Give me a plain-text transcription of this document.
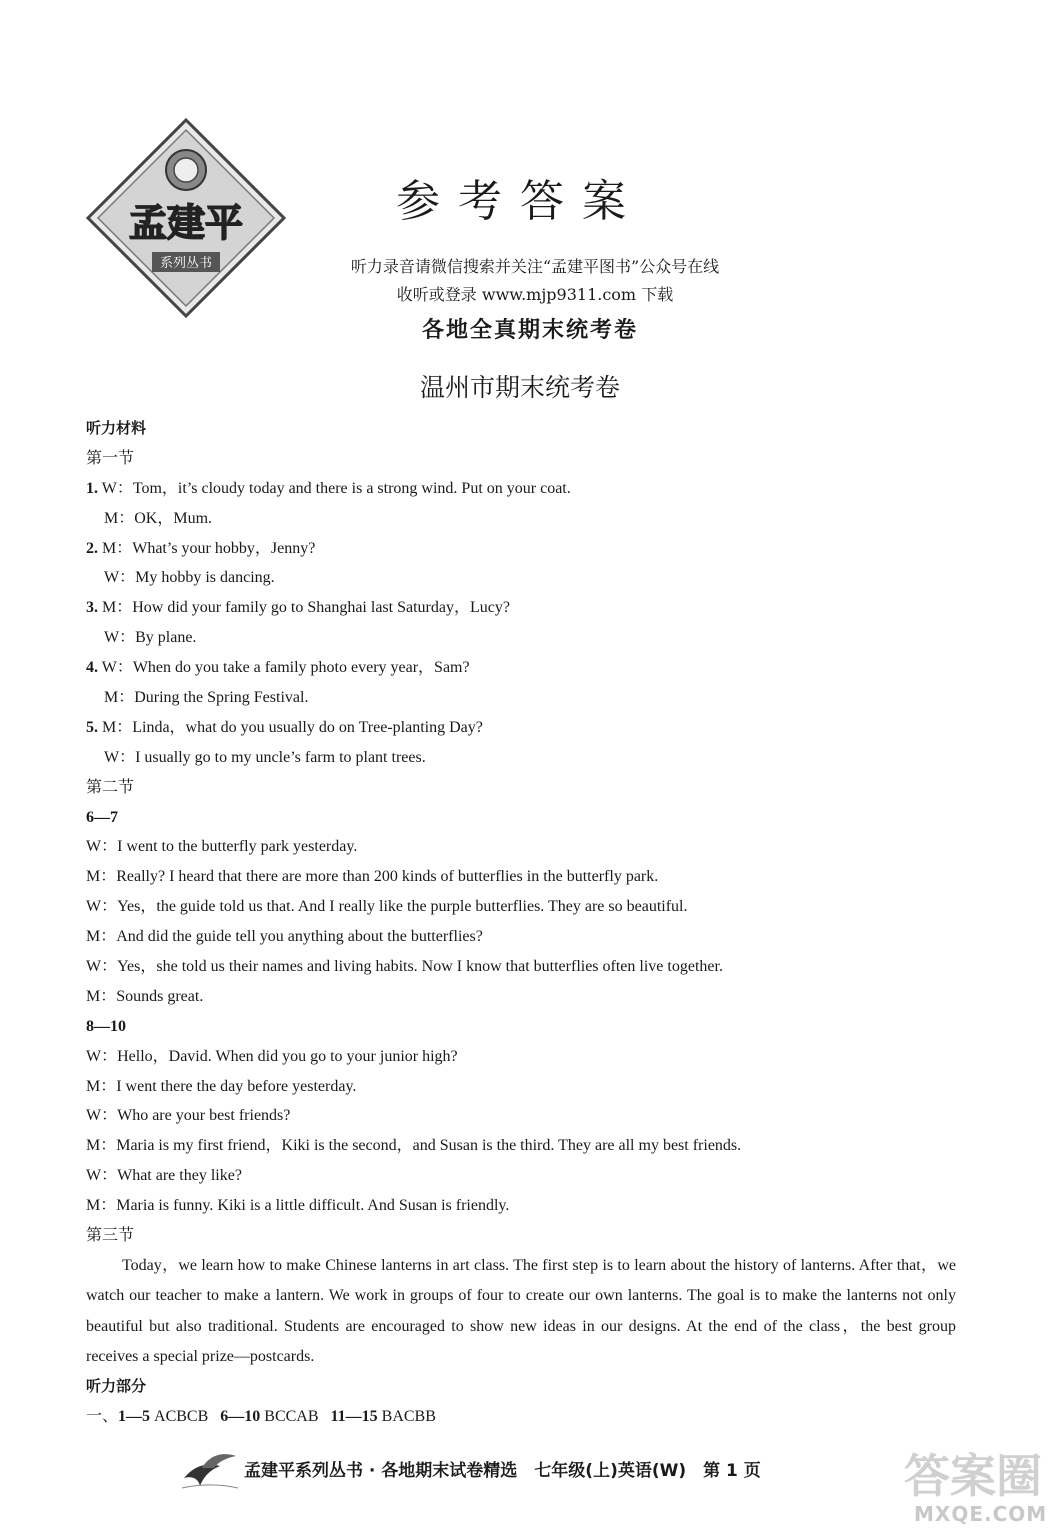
孟建平
系列丛书
参考答案
听力录音请微信搜索并关注“孟建平图书”公众号在线
收听或登录 www.mjp9311.com 下载
各地全真期末统考卷
温州市期末统考卷
听力材料
第一节
1. W：Tom，it’s cloudy today and there is a strong wind. Put on your coat.
M：OK，Mum.
2. M：What’s your hobby，Jenny?
W：My hobby is dancing.
3. M：How did your family go to Shanghai last Saturday，Lucy?
W：By plane.
4. W：When do you take a family photo every year，Sam?
M：During the Spring Festival.
5. M：Linda，what do you usually do on Tree-planting Day?
W：I usually go to my uncle’s farm to plant trees.
第二节
6—7
W：I went to the butterfly park yesterday.
M：Really? I heard that there are more than 200 kinds of butterflies in the butterfly park.
W：Yes，the guide told us that. And I really like the purple butterflies. They are so beautiful.
M：And did the guide tell you anything about the butterflies?
W：Yes，she told us their names and living habits. Now I know that butterflies often live together.
M：Sounds great.
8—10
W：Hello，David. When did you go to your junior high?
M：I went there the day before yesterday.
W：Who are your best friends?
M：Maria is my first friend，Kiki is the second，and Susan is the third. They are all my best friends.
W：What are they like?
M：Maria is funny. Kiki is a little difficult. And Susan is friendly.
第三节
Today，we learn how to make Chinese lanterns in art class. The first step is to learn about the history of lanterns. After that，we watch our teacher to make a lantern. We work in groups of four to create our own lanterns. The goal is to make the lanterns not only beautiful but also traditional. Students are encouraged to show new ideas in our designs. At the end of the class，the best group receives a special prize—postcards.
听力部分
一、1—5 ACBCB 6—10 BCCAB 11—15 BACBB
孟建平系列丛书 · 各地期末试卷精选　七年级(上)英语(W)　第 1 页	答案圈
MXQE.COM
